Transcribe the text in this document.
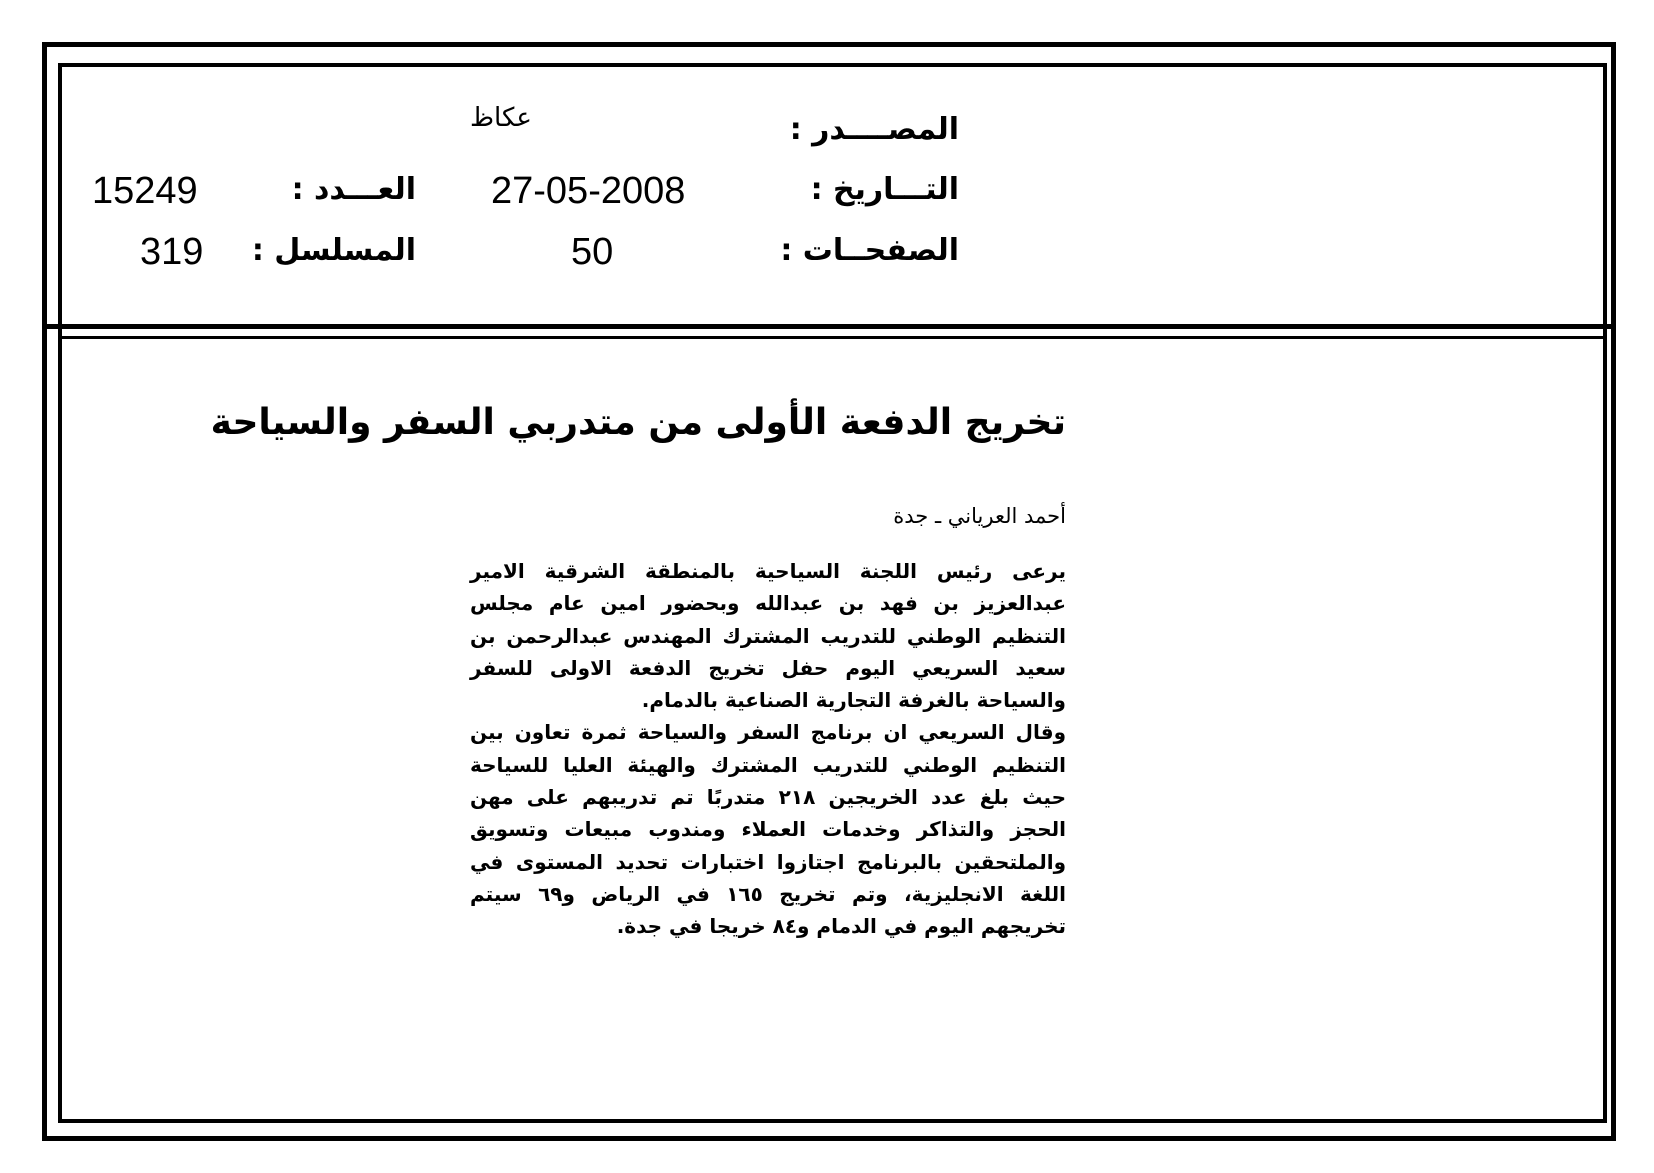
المصــــدر :
عكاظ
التـــاريخ :
27-05-2008
العـــدد :
15249
الصفحــات :
50
المسلسل :
319
تخريج الدفعة الأولى من متدربي السفر والسياحة
أحمد العرياني ـ جدة

يرعى رئيس اللجنة السياحية بالمنطقة الشرقية الامير عبدالعزيز بن فهد بن عبدالله وبحضور امين عام مجلس التنظيم الوطني للتدريب المشترك المهندس عبدالرحمن بن سعيد السريعي اليوم حفل تخريج الدفعة الاولى للسفر والسياحة بالغرفة التجارية الصناعية بالدمام.

وقال السريعي ان برنامج السفر والسياحة ثمرة تعاون بين التنظيم الوطني للتدريب المشترك والهيئة العليا للسياحة حيث بلغ عدد الخريجين ٢١٨ متدربًا تم تدريبهم على مهن الحجز والتذاكر وخدمات العملاء ومندوب مبيعات وتسويق والملتحقين بالبرنامج اجتازوا اختبارات تحديد المستوى في اللغة الانجليزية، وتم تخريج ١٦٥ في الرياض و٦٩ سيتم تخريجهم اليوم في الدمام و٨٤ خريجا في جدة.
